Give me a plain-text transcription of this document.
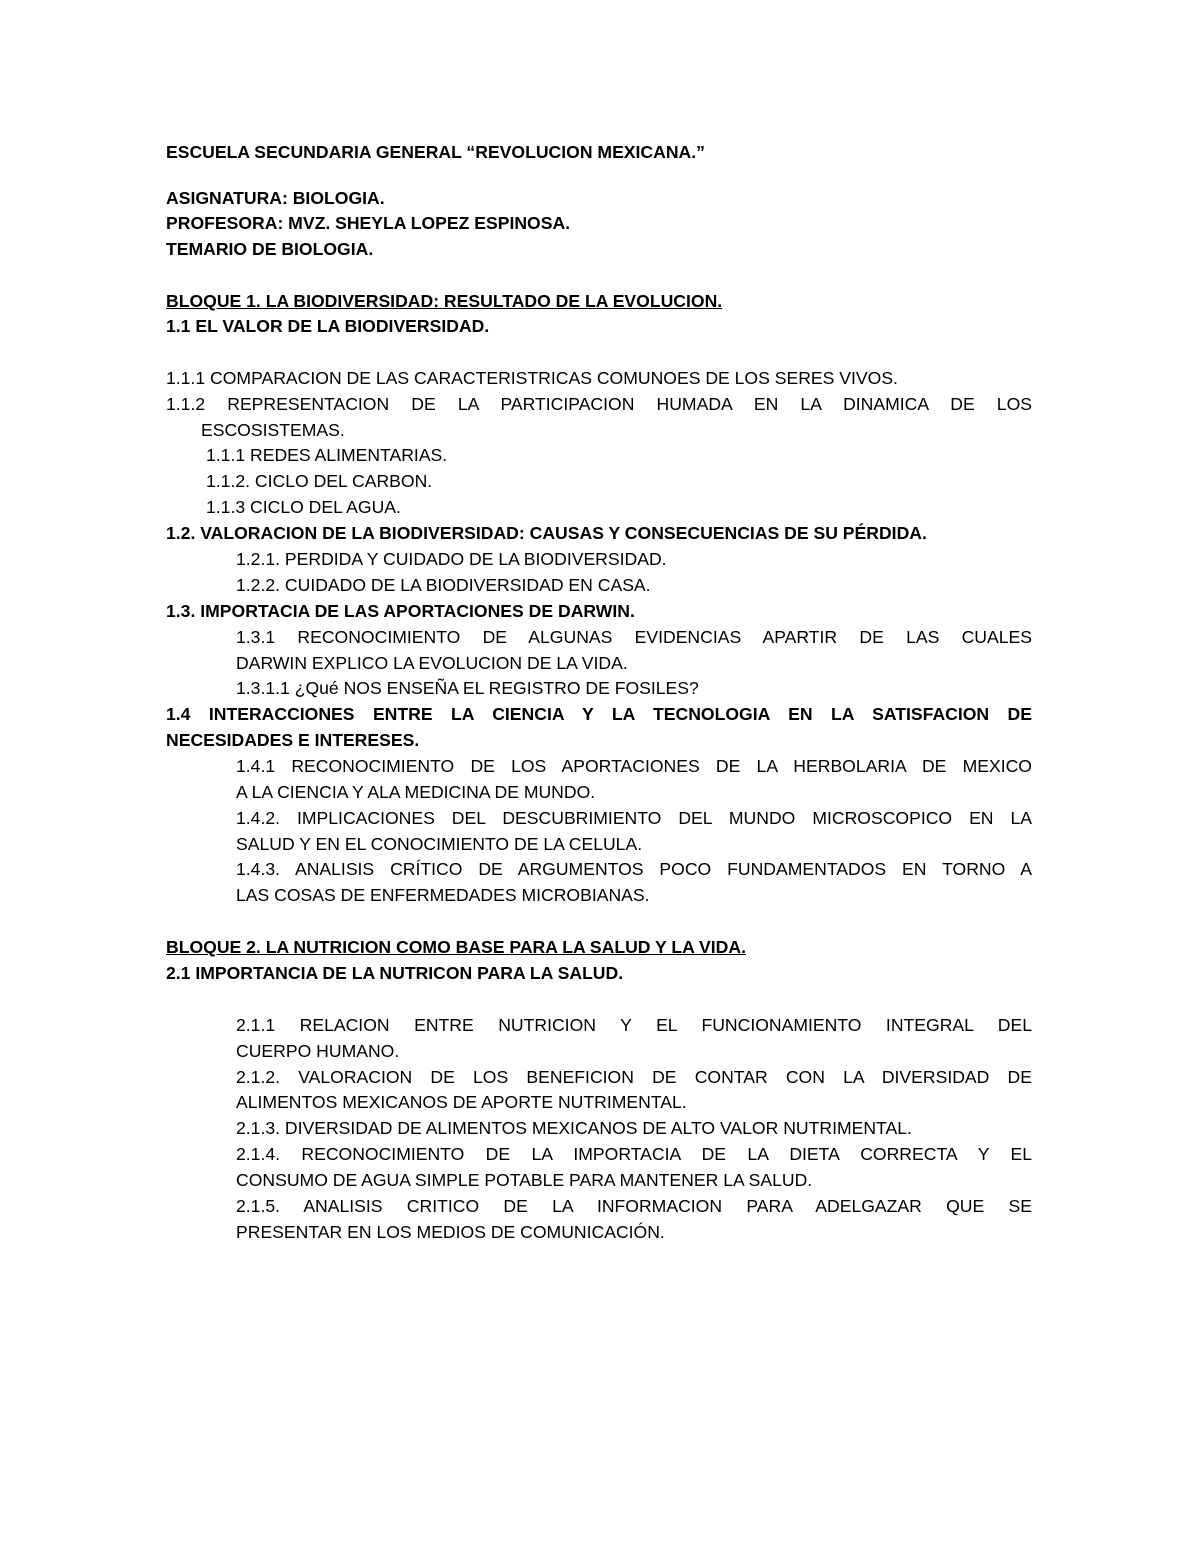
ESCUELA SECUNDARIA GENERAL “REVOLUCION MEXICANA.”

ASIGNATURA: BIOLOGIA.

PROFESORA: MVZ. SHEYLA LOPEZ ESPINOSA.

TEMARIO DE BIOLOGIA.

BLOQUE 1. LA BIODIVERSIDAD: RESULTADO DE LA EVOLUCION.

1.1 EL VALOR DE LA BIODIVERSIDAD.

1.1.1 COMPARACION DE LAS CARACTERISTRICAS COMUNOES DE LOS SERES VIVOS.

1.1.2 REPRESENTACION DE LA PARTICIPACION HUMADA EN LA DINAMICA DE LOS

ESCOSISTEMAS.

1.1.1 REDES ALIMENTARIAS.

1.1.2. CICLO DEL CARBON.

1.1.3 CICLO DEL AGUA.

1.2. VALORACION DE LA BIODIVERSIDAD: CAUSAS Y CONSECUENCIAS DE SU PÉRDIDA.

1.2.1. PERDIDA Y CUIDADO DE LA BIODIVERSIDAD.

1.2.2. CUIDADO DE LA BIODIVERSIDAD EN CASA.

1.3. IMPORTACIA DE LAS APORTACIONES DE DARWIN.

1.3.1 RECONOCIMIENTO DE ALGUNAS EVIDENCIAS APARTIR DE LAS CUALES

DARWIN EXPLICO LA EVOLUCION DE LA VIDA.

1.3.1.1 ¿Qué NOS ENSEÑA EL REGISTRO DE FOSILES?

1.4 INTERACCIONES ENTRE LA CIENCIA Y LA TECNOLOGIA EN LA SATISFACION DE

NECESIDADES E INTERESES.

1.4.1 RECONOCIMIENTO DE LOS APORTACIONES DE LA HERBOLARIA DE MEXICO

A LA CIENCIA Y ALA MEDICINA DE MUNDO.

1.4.2. IMPLICACIONES DEL DESCUBRIMIENTO DEL MUNDO MICROSCOPICO EN LA

SALUD Y EN EL CONOCIMIENTO DE LA CELULA.

1.4.3. ANALISIS CRÍTICO DE ARGUMENTOS POCO FUNDAMENTADOS EN TORNO A

LAS COSAS DE ENFERMEDADES MICROBIANAS.

BLOQUE 2. LA NUTRICION COMO BASE PARA LA SALUD Y LA VIDA.

2.1 IMPORTANCIA DE LA NUTRICON PARA LA SALUD.

2.1.1 RELACION ENTRE NUTRICION Y EL FUNCIONAMIENTO INTEGRAL DEL

CUERPO HUMANO.

2.1.2. VALORACION DE LOS BENEFICION DE CONTAR CON LA DIVERSIDAD DE

ALIMENTOS MEXICANOS DE APORTE NUTRIMENTAL.

2.1.3. DIVERSIDAD DE ALIMENTOS MEXICANOS DE ALTO VALOR NUTRIMENTAL.

2.1.4. RECONOCIMIENTO DE LA IMPORTACIA DE LA DIETA CORRECTA Y EL

CONSUMO DE AGUA SIMPLE POTABLE PARA MANTENER LA SALUD.

2.1.5. ANALISIS CRITICO DE LA INFORMACION PARA ADELGAZAR QUE SE

PRESENTAR EN LOS MEDIOS DE COMUNICACIÓN.
